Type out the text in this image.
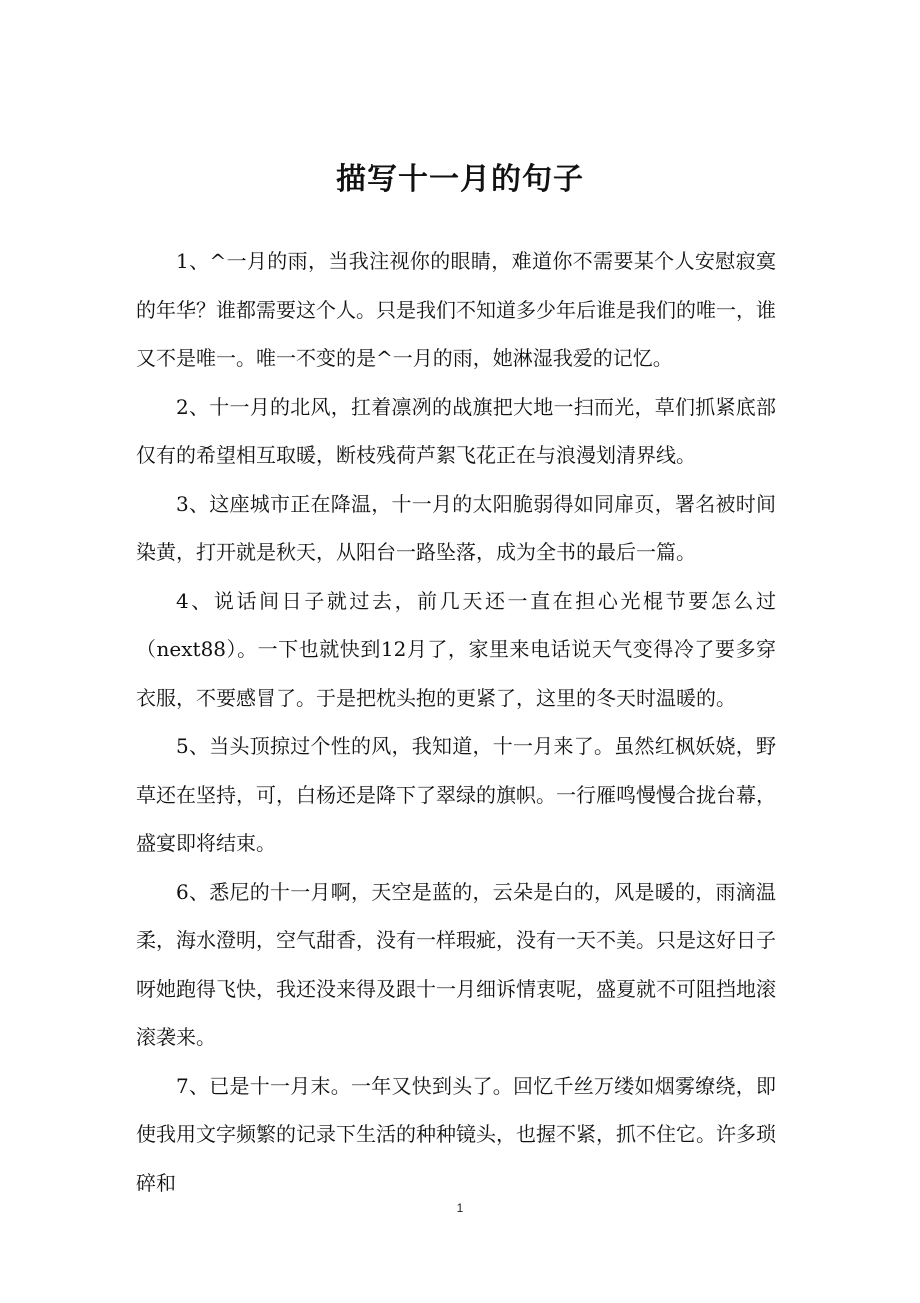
描写十一月的句子

1、^一月的雨，当我注视你的眼睛，难道你不需要某个人安慰寂寞的年华？谁都需要这个人。只是我们不知道多少年后谁是我们的唯一，谁又不是唯一。唯一不变的是^一月的雨，她淋湿我爱的记忆。

2、十一月的北风，扛着凛冽的战旗把大地一扫而光，草们抓紧底部仅有的希望相互取暖，断枝残荷芦絮飞花正在与浪漫划清界线。

3、这座城市正在降温，十一月的太阳脆弱得如同扉页，署名被时间染黄，打开就是秋天，从阳台一路坠落，成为全书的最后一篇。

4、说话间日子就过去，前几天还一直在担心光棍节要怎么过（next88）。一下也就快到12月了，家里来电话说天气变得冷了要多穿衣服，不要感冒了。于是把枕头抱的更紧了，这里的冬天时温暖的。

5、当头顶掠过个性的风，我知道，十一月来了。虽然红枫妖娆，野草还在坚持，可，白杨还是降下了翠绿的旗帜。一行雁鸣慢慢合拢台幕，盛宴即将结束。

6、悉尼的十一月啊，天空是蓝的，云朵是白的，风是暖的，雨滴温柔，海水澄明，空气甜香，没有一样瑕疵，没有一天不美。只是这好日子呀她跑得飞快，我还没来得及跟十一月细诉情衷呢，盛夏就不可阻挡地滚滚袭来。

7、已是十一月末。一年又快到头了。回忆千丝万缕如烟雾缭绕，即使我用文字频繁的记录下生活的种种镜头，也握不紧，抓不住它。许多琐碎和

1
